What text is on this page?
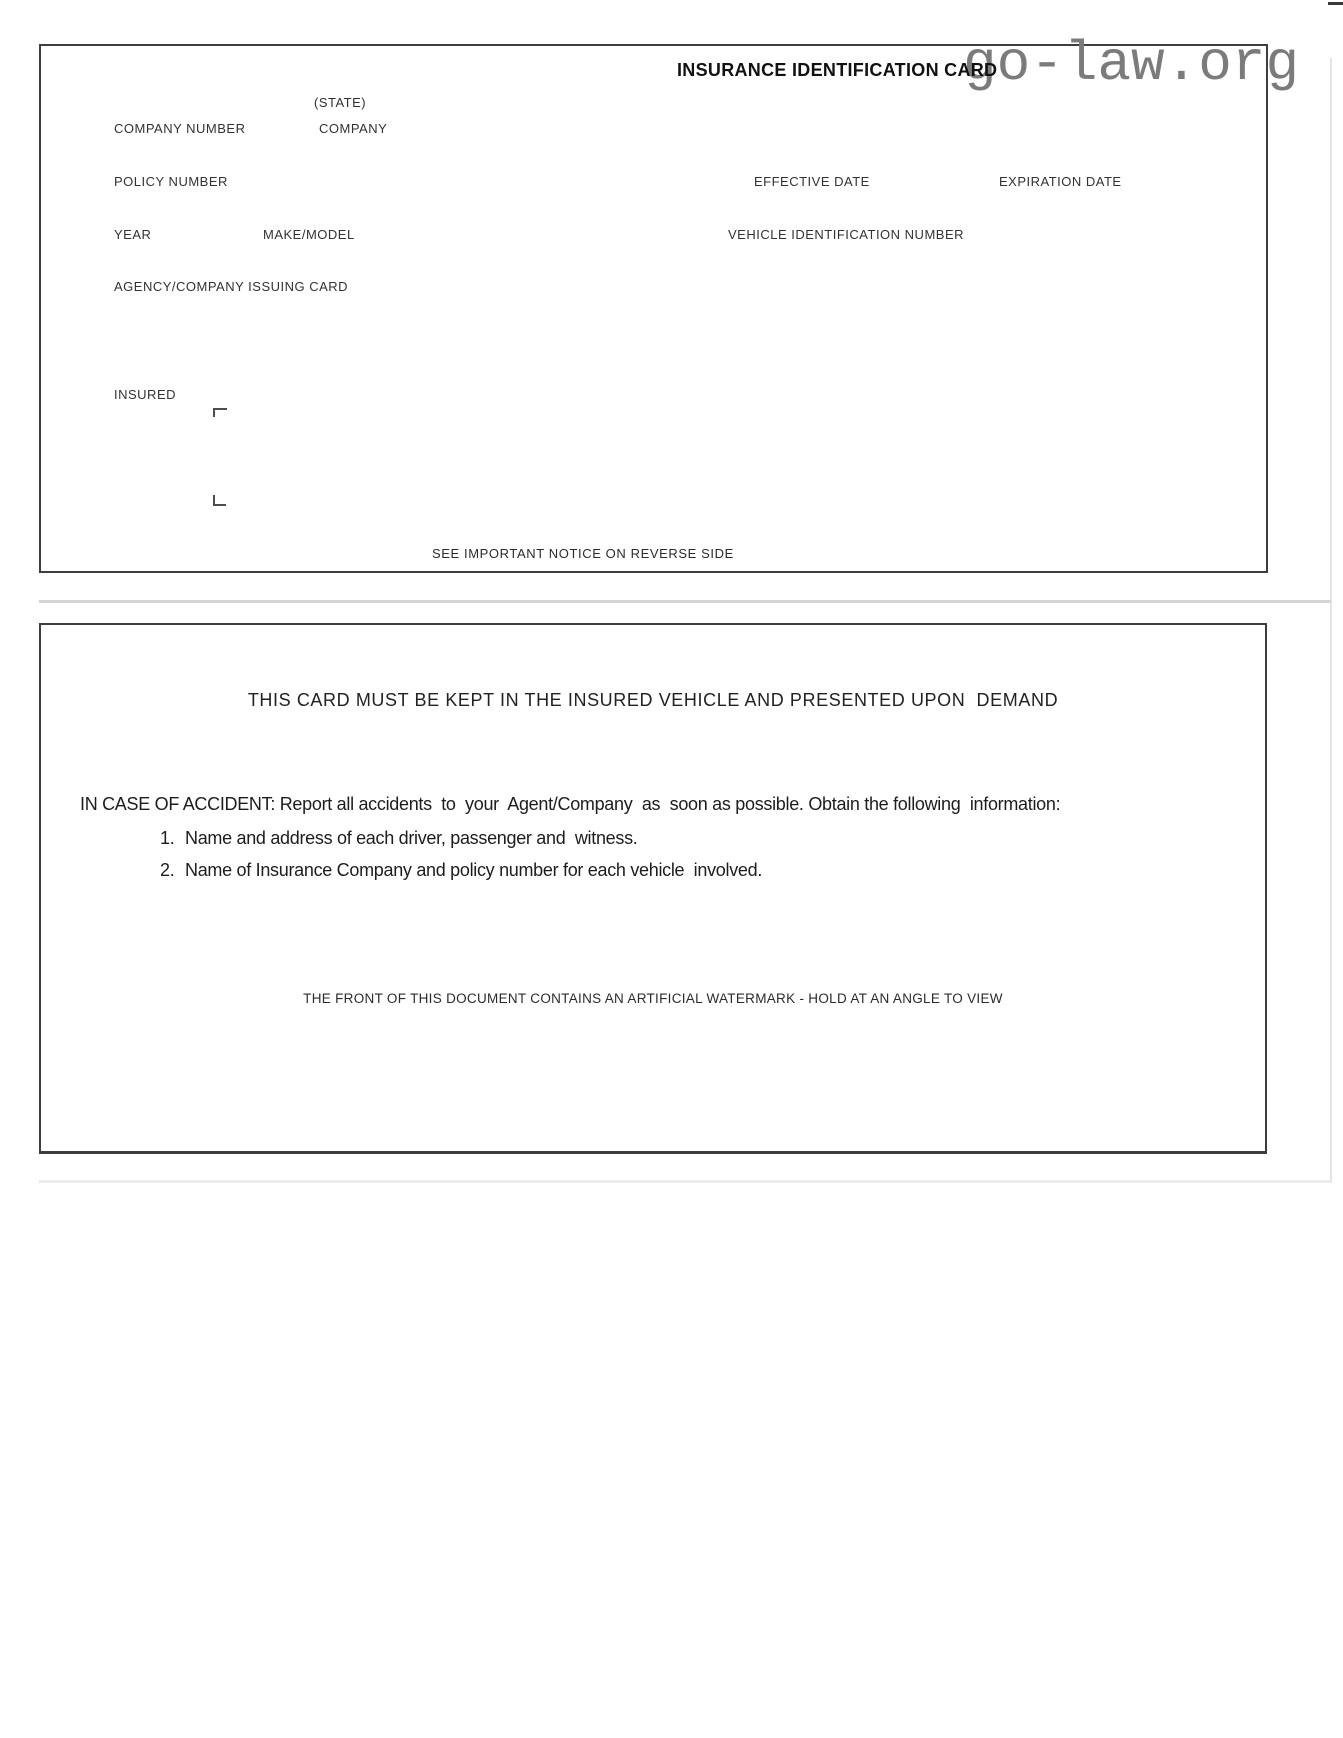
go-law.org
INSURANCE IDENTIFICATION CARD
(STATE)
COMPANY NUMBER	COMPANY
POLICY NUMBER	EFFECTIVE DATE	EXPIRATION DATE
YEAR	MAKE/MODEL	VEHICLE IDENTIFICATION NUMBER
AGENCY/COMPANY ISSUING CARD
INSURED
SEE IMPORTANT NOTICE ON REVERSE SIDE
THIS CARD MUST BE KEPT IN THE INSURED VEHICLE AND PRESENTED UPON  DEMAND
IN CASE OF ACCIDENT: Report all accidents  to  your  Agent/Company  as  soon as possible. Obtain the following  information:
1. Name and address of each driver, passenger and  witness.
2. Name of Insurance Company and policy number for each vehicle  involved.
THE FRONT OF THIS DOCUMENT CONTAINS AN ARTIFICIAL WATERMARK - HOLD AT AN ANGLE TO VIEW
